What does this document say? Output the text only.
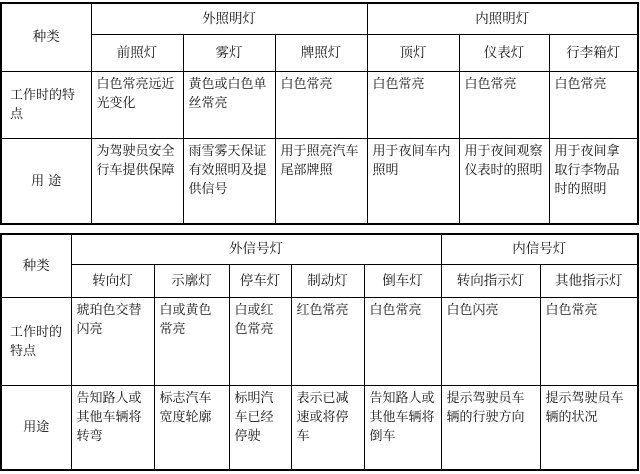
种类	外照明灯			内照明灯		
	前照灯	雾灯	牌照灯	顶灯	仪表灯	行李箱灯
工作时的特点	白色常亮远近光变化	黄色或白色单丝常亮	白色常亮	白色常亮	白色常亮	白色常亮
用 途	为驾驶员安全行车提供保障	雨雪雾天保证有效照明及提供信号	用于照亮汽车尾部牌照	用于夜间车内照明	用于夜间观察仪表时的照明	用于夜间拿取行李物品时的照明
种类	外信号灯					内信号灯	
	转向灯	示廓灯	停车灯	制动灯	倒车灯	转向指示灯	其他指示灯
工作时的特点	琥珀色交替闪亮	白或黄色常亮	白或红色常亮	红色常亮	白色常亮	白色闪亮	白色常亮
用途	告知路人或其他车辆将转弯	标志汽车宽度轮廓	标明汽车已经停驶	表示已减速或将停车	告知路人或其他车辆将倒车	提示驾驶员车辆的行驶方向	提示驾驶员车辆的状况
